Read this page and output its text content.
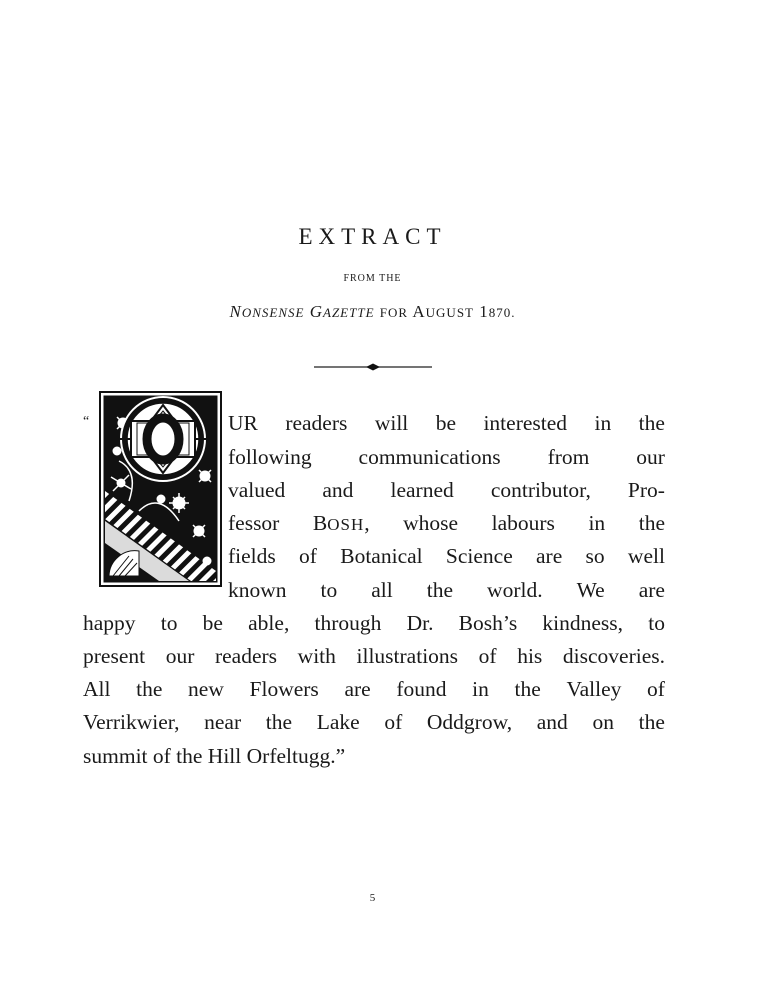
EXTRACT
FROM THE
NONSENSE GAZETTE FOR AUGUST 1870.
“	UR readers will be interested in the
following communications from our
valued and learned contributor, Pro-
fessor BOSH, whose labours in the
fields of Botanical Science are so well
known to all the world. We are
happy to be able, through Dr. Bosh’s kindness, to
present our readers with illustrations of his discoveries.
All the new Flowers are found in the Valley of
Verrikwier, near the Lake of Oddgrow, and on the
summit of the Hill Orfeltugg.”
5
